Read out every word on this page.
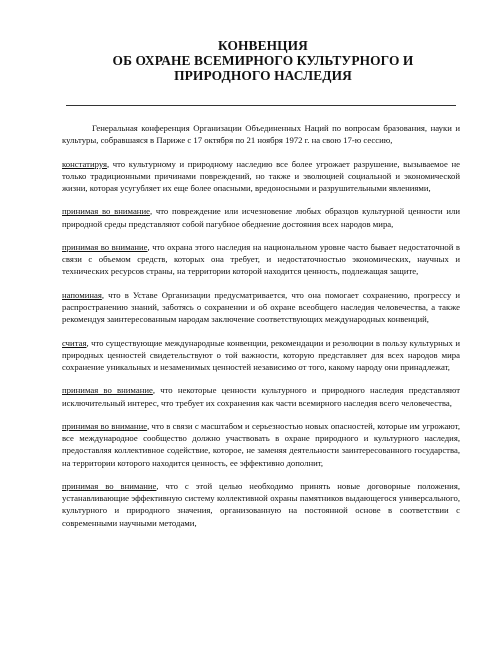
КОНВЕНЦИЯ
ОБ ОХРАНЕ ВСЕМИРНОГО КУЛЬТУРНОГО И
ПРИРОДНОГО НАСЛЕДИЯ

Генеральная конференция Организации Объединенных Наций по вопросам бразования, науки и культуры, собравшаяся в Париже с 17 октября по 21 ноября 1972 г. на свою 17-ю сессию,

констатируя, что культурному и природному наследию все более угрожает разрушение, вызываемое не только традиционными причинами повреждений, но также и эволюцией социальной и экономической жизни, которая усугубляет их еще более опасными, вредоносными и разрушительными явлениями,

принимая во внимание, что повреждение или исчезновение любых образцов культурной ценности или природной среды представляют собой пагубное обеднение достояния всех народов мира,

принимая во внимание, что охрана этого наследия на национальном уровне часто бывает недостаточной в связи с объемом средств, которых она требует, и недостаточностью экономических, научных и технических ресурсов страны, на территории которой находится ценность, подлежащая защите,

напоминая, что в Уставе Организации предусматривается, что она помогает сохранению, прогрессу и распространению знаний, заботясь о сохранении и об охране всеобщего наследия человечества, а также рекомендуя заинтересованным народам заключение соответствующих международных конвенций,

считая, что существующие международные конвенции, рекомендации и резолюции в пользу культурных и природных ценностей свидетельствуют о той важности, которую представляет для всех народов мира сохранение уникальных и незаменимых ценностей независимо от того, какому народу они принадлежат,

принимая во внимание, что некоторые ценности культурного и природного наследия представляют исключительный интерес, что требует их сохранения как части всемирного наследия всего человечества,

принимая во внимание, что в связи с масштабом и серьезностью новых опасностей, которые им угрожают, все международное сообщество должно участвовать в охране природного и культурного наследия, предоставляя коллективное содействие, которое, не заменяя деятельности заинтересованного государства, на территории которого находится ценность, ее эффективно дополнит,

принимая во внимание, что с этой целью необходимо принять новые договорные положения, устанавливающие эффективную систему коллективной охраны памятников выдающегося универсального, культурного и природного значения, организованную на постоянной основе в соответствии с современными научными методами,
